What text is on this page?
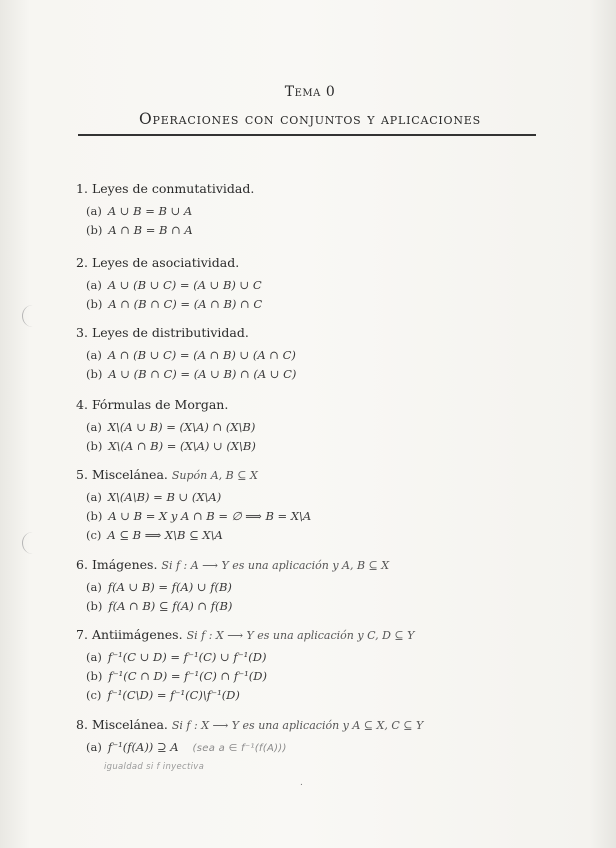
Tema 0
Operaciones con conjuntos y aplicaciones
1. Leyes de conmutatividad.
(a) A ∪ B = B ∪ A
(b) A ∩ B = B ∩ A
2. Leyes de asociatividad.
(a) A ∪ (B ∪ C) = (A ∪ B) ∪ C
(b) A ∩ (B ∩ C) = (A ∩ B) ∩ C
3. Leyes de distributividad.
(a) A ∩ (B ∪ C) = (A ∩ B) ∪ (A ∩ C)
(b) A ∪ (B ∩ C) = (A ∪ B) ∩ (A ∪ C)
4. Fórmulas de Morgan.
(a) X\(A ∪ B) = (X\A) ∩ (X\B)
(b) X\(A ∩ B) = (X\A) ∪ (X\B)
5. Miscelánea. Supón A, B ⊆ X
(a) X\(A\B) = B ∪ (X\A)
(b) A ∪ B = X y A ∩ B = ∅ ⟹ B = X\A
(c) A ⊆ B ⟹ X\B ⊆ X\A
6. Imágenes. Si f : A ⟶ Y es una aplicación y A, B ⊆ X
(a) f(A ∪ B) = f(A) ∪ f(B)
(b) f(A ∩ B) ⊆ f(A) ∩ f(B)
7. Antiimágenes. Si f : X ⟶ Y es una aplicación y C, D ⊆ Y
(a) f⁻¹(C ∪ D) = f⁻¹(C) ∪ f⁻¹(D)
(b) f⁻¹(C ∩ D) = f⁻¹(C) ∩ f⁻¹(D)
(c) f⁻¹(C\D) = f⁻¹(C)\f⁻¹(D)
8. Miscelánea. Si f : X ⟶ Y es una aplicación y A ⊆ X, C ⊆ Y
(a) f⁻¹(f(A)) ⊇ A (sea a ∈ f⁻¹(f(A)))
igualdad si f inyectiva
.
